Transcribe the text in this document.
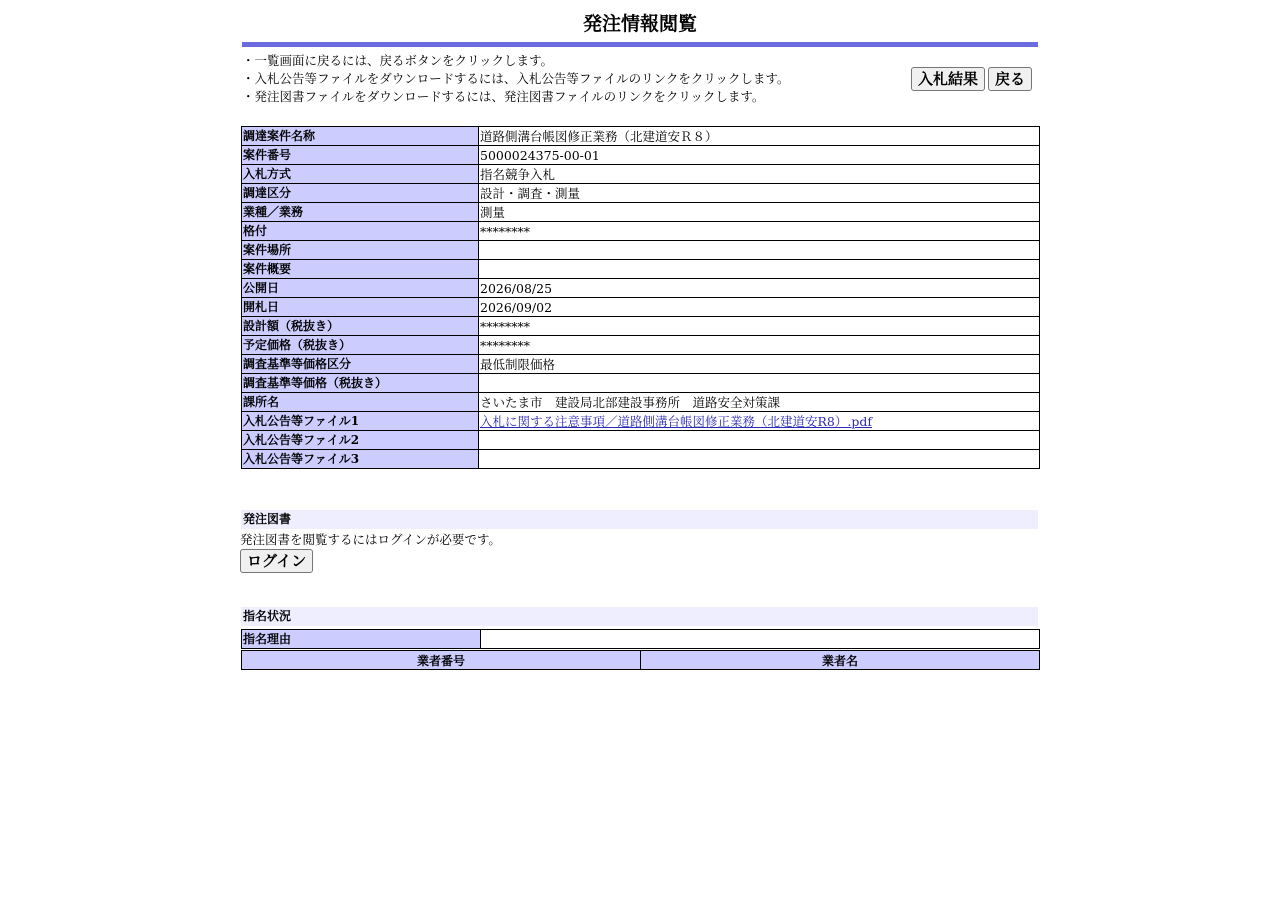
発注情報閲覧
・一覧画面に戻るには、戻るボタンをクリックします。
・入札公告等ファイルをダウンロードするには、入札公告等ファイルのリンクをクリックします。
・発注図書ファイルをダウンロードするには、発注図書ファイルのリンクをクリックします。
入札結果	戻る
調達案件名称	道路側溝台帳図修正業務（北建道安Ｒ８）
案件番号	5000024375-00-01
入札方式	指名競争入札
調達区分	設計・調査・測量
業種／業務	測量
格付	********
案件場所	
案件概要	
公開日	2026/08/25
開札日	2026/09/02
設計額（税抜き）	********
予定価格（税抜き）	********
調査基準等価格区分	最低制限価格
調査基準等価格（税抜き）	
課所名	さいたま市　建設局北部建設事務所　道路安全対策課
入札公告等ファイル1	入札に関する注意事項／道路側溝台帳図修正業務（北建道安R8）.pdf
入札公告等ファイル2	
入札公告等ファイル3	
発注図書
発注図書を閲覧するにはログインが必要です。
ログイン
指名状況
指名理由	
業者番号	業者名
